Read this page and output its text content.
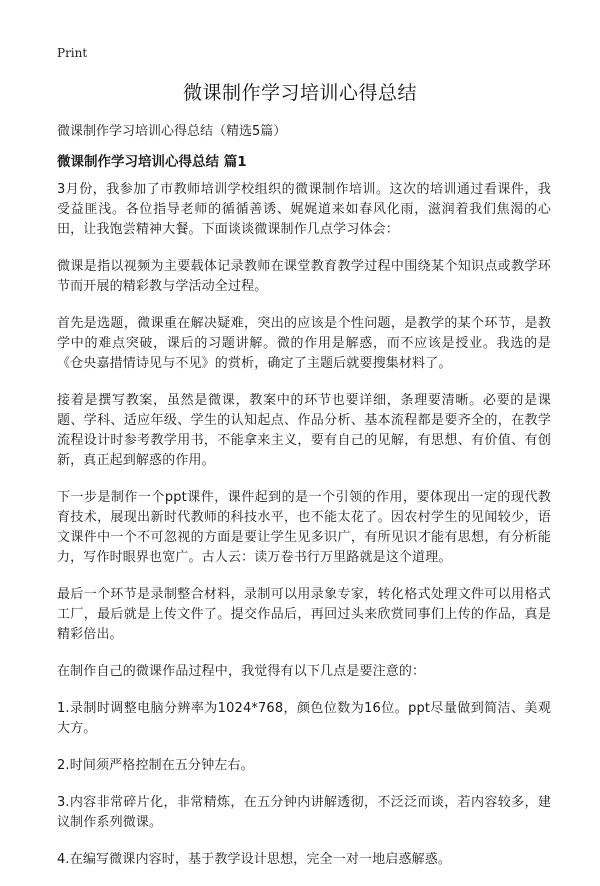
Print
微课制作学习培训心得总结

微课制作学习培训心得总结（精选5篇）

微课制作学习培训心得总结 篇1

3月份，我参加了市教师培训学校组织的微课制作培训。这次的培训通过看课件，我受益匪浅。各位指导老师的循循善诱、娓娓道来如春风化雨，滋润着我们焦渴的心田，让我饱尝精神大餐。下面谈谈微课制作几点学习体会：

微课是指以视频为主要载体记录教师在课堂教育教学过程中围绕某个知识点或教学环节而开展的精彩教与学活动全过程。

首先是选题，微课重在解决疑难，突出的应该是个性问题，是教学的某个环节，是教学中的难点突破，课后的习题讲解。微的作用是解惑，而不应该是授业。我选的是《仓央嘉措情诗见与不见》的赏析，确定了主题后就要搜集材料了。

接着是撰写教案，虽然是微课，教案中的环节也要详细，条理要清晰。必要的是课题、学科、适应年级、学生的认知起点、作品分析、基本流程都是要齐全的，在教学流程设计时参考教学用书，不能拿来主义，要有自己的见解，有思想、有价值、有创新，真正起到解惑的作用。

下一步是制作一个ppt课件，课件起到的是一个引领的作用，要体现出一定的现代教育技术，展现出新时代教师的科技水平，也不能太花了。因农村学生的见闻较少，语文课件中一个不可忽视的方面是要让学生见多识广，有所见识才能有思想，有分析能力，写作时眼界也宽广。古人云：读万卷书行万里路就是这个道理。

最后一个环节是录制整合材料，录制可以用录象专家，转化格式处理文件可以用格式工厂，最后就是上传文件了。提交作品后，再回过头来欣赏同事们上传的作品，真是精彩倍出。

在制作自己的微课作品过程中，我觉得有以下几点是要注意的：

1.录制时调整电脑分辨率为1024*768，颜色位数为16位。ppt尽量做到简洁、美观大方。

2.时间须严格控制在五分钟左右。

3.内容非常碎片化，非常精炼，在五分钟内讲解透彻，不泛泛而谈，若内容较多，建议制作系列微课。

4.在编写微课内容时，基于教学设计思想，完全一对一地启惑解惑。
